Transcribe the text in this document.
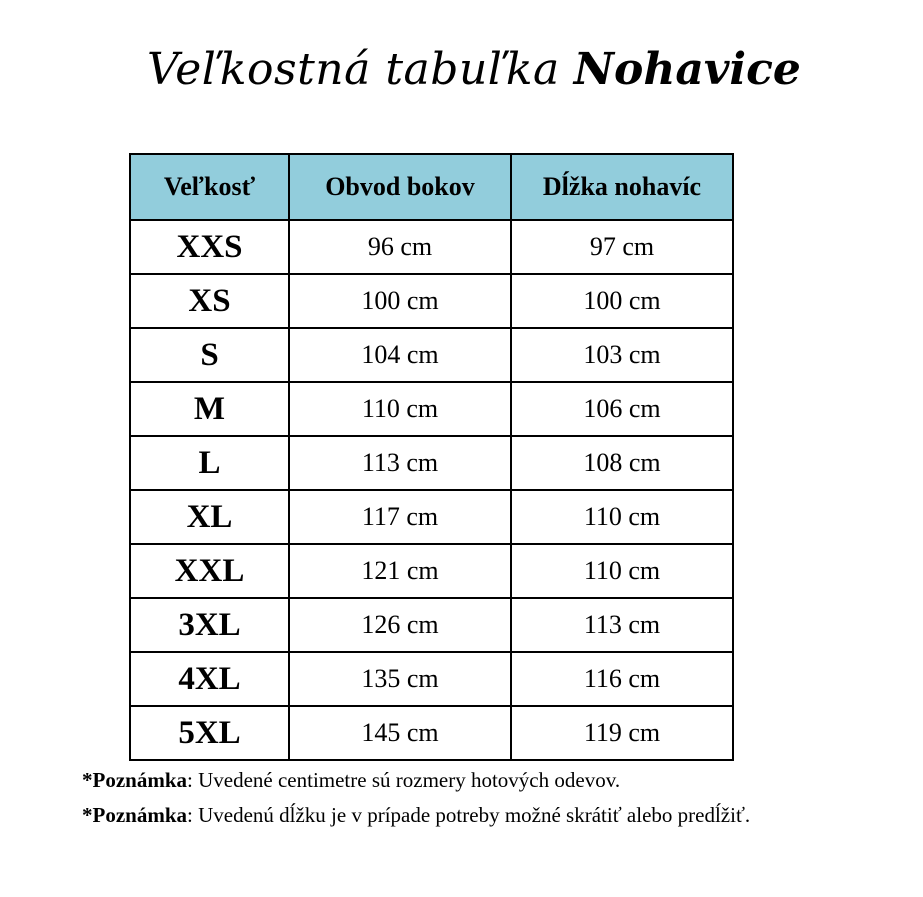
Veľkostná tabuľka Nohavice
Veľkosť	Obvod bokov	Dĺžka nohavíc
XXS	96 cm	97 cm
XS	100 cm	100 cm
S	104 cm	103 cm
M	110 cm	106 cm
L	113 cm	108 cm
XL	117 cm	110 cm
XXL	121 cm	110 cm
3XL	126 cm	113 cm
4XL	135 cm	116 cm
5XL	145 cm	119 cm
*Poznámka: Uvedené centimetre sú rozmery hotových odevov.
*Poznámka: Uvedenú dĺžku je v prípade potreby možné skrátiť alebo predĺžiť.
